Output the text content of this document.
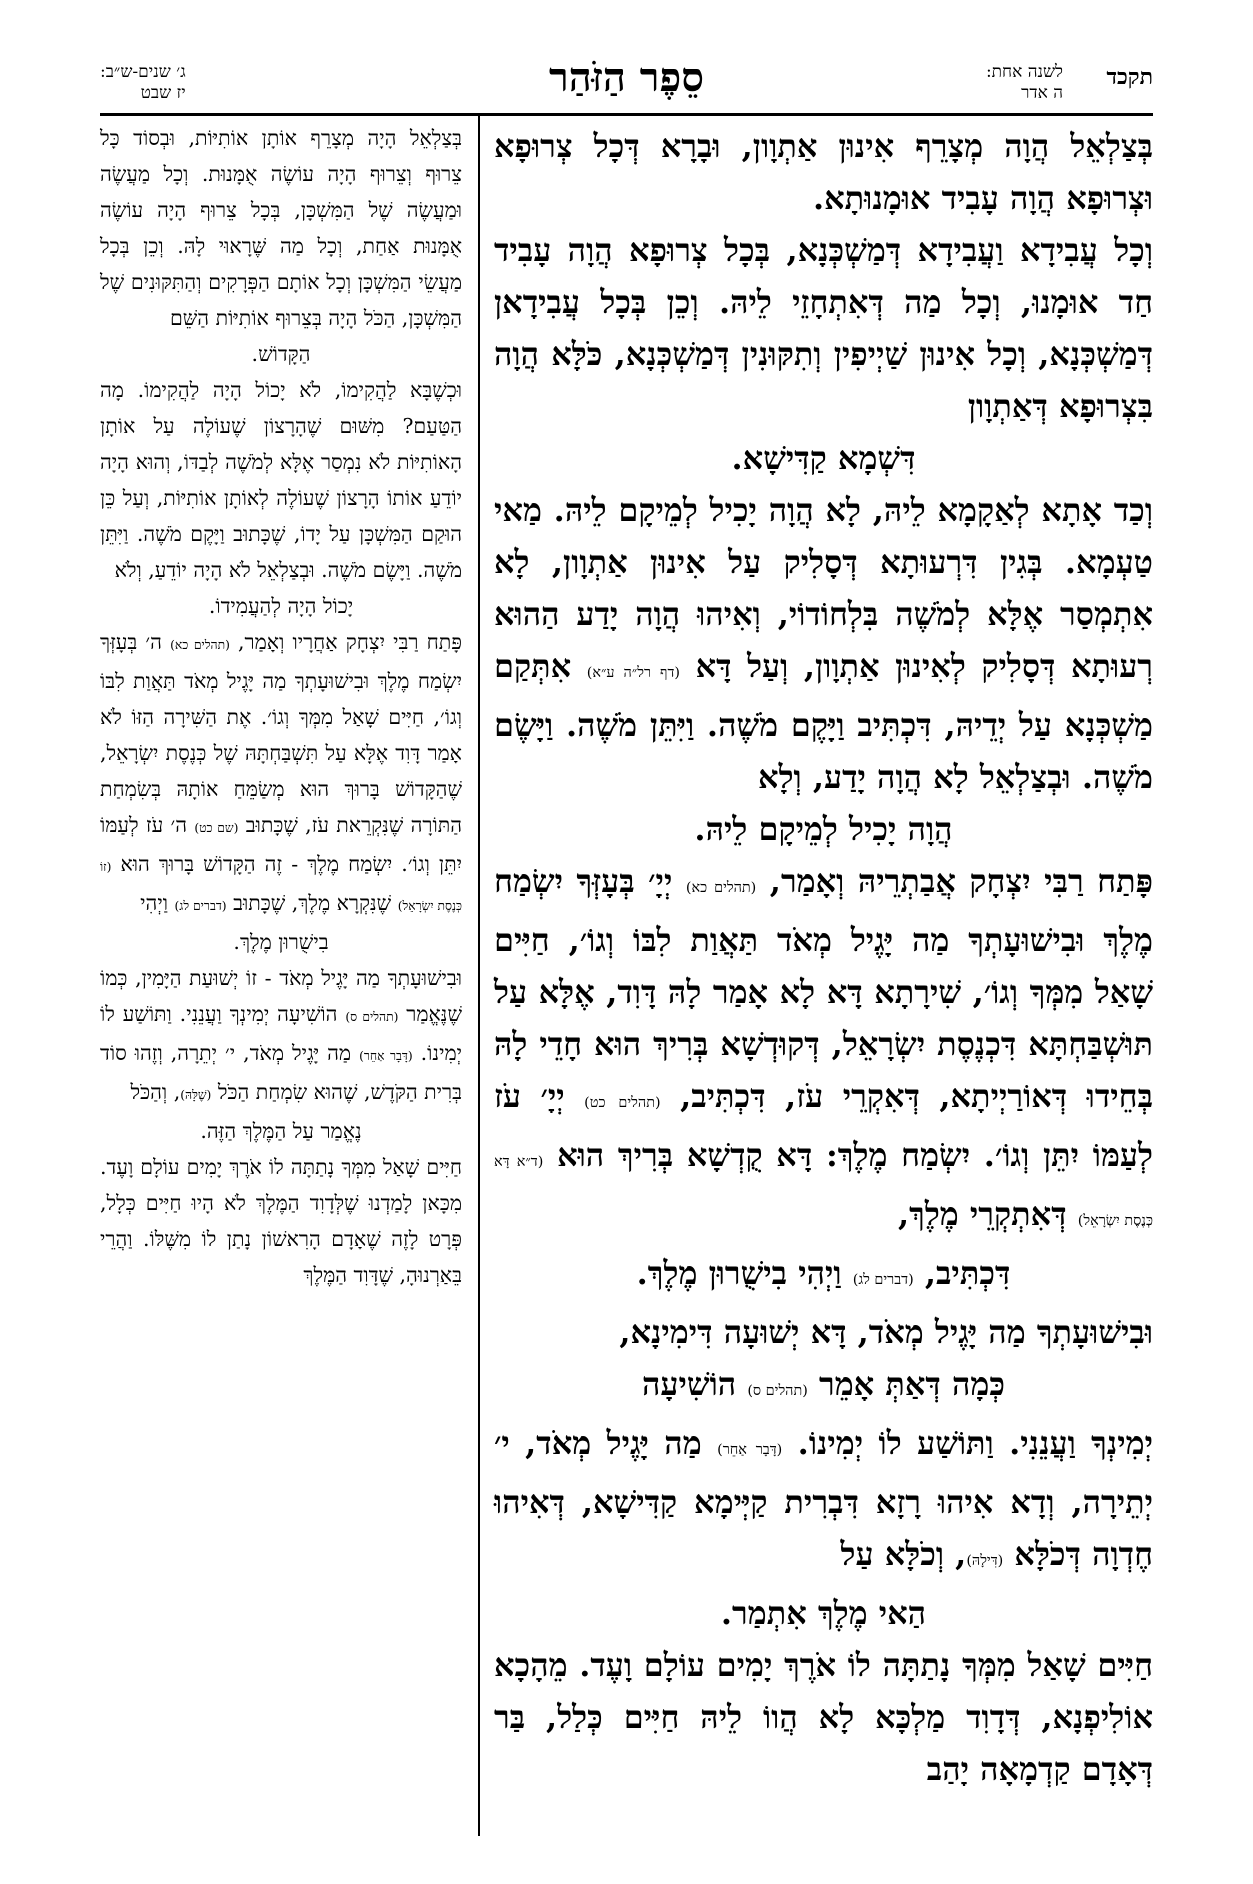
תקכד
לשנה אחת:
ה אדר
סֵפֶר הַזֹּהַר
ג׳ שנים-ש״ב:
יז שבט

בְּצַלְאֵל הֲוָה מְצָרֵף אִינוּן אַתְוָון, וּבָרָא דְּכָל צְרוּפָא וּצְרוּפָא הֲוָה עָבִיד אוּמָנוּתָא.

וְכָל עֲבִידָא וַעֲבִידָא דְּמַשְׁכְּנָא, בְּכָל צְרוּפָא הֲוָה עָבִיד חַד אוּמָנוּ, וְכָל מַה דְּאִתְחָזֵי לֵיהּ. וְכֵן בְּכָל עֲבִידָאן דְּמַשְׁכְּנָא, וְכָל אִינוּן שַׁיְיפִין וְתִקּוּנִין דְּמַשְׁכְּנָא, כֹּלָּא הֲוָה בִּצְרוּפָא דְּאַתְוָון

דִּשְׁמָא קַדִּישָׁא.

וְכַד אָתָא לְאַקָמָא לֵיהּ, לָא הֲוָה יָכִיל לְמֵיקָם לֵיהּ. מַאי טַעְמָא. בְּגִין דִּרְעוּתָא דְּסָלִיק עַל אִינוּן אַתְוָון, לָא אִתְמְסַר אֶלָּא לְמֹשֶׁה בִּלְחוֹדוֹי, וְאִיהוּ הֲוָה יָדַע הַהוּא רְעוּתָא דְּסָלִיק לְאִינוּן אַתְוָון, וְעַל דָּא (דף רל״ה ע״א) אִתְּקַם מַשְׁכְּנָא עַל יְדֵיהּ, דִּכְתִּיב וַיָּקֶם מֹשֶׁה. וַיִּתֵּן מֹשֶׁה. וַיָּשֶׂם מֹשֶׁה. וּבְצַלְאֵל לָא הֲוָה יָדַע, וְלָא

הֲוָה יָכִיל לְמֵיקָם לֵיהּ.

פָּתַח רַבִּי יִצְחָק אֲבַתְרֵיהּ וְאָמַר, (תהלים כא) יְיָ׳ בְּעָזְּךָ יִשְׂמַח מֶלֶךְ וּבִישׁוּעָתְךָ מַה יָּגֶיל מְאֹד תַּאֲוַת לִבּוֹ וְגוֹ׳, חַיִּים שָׁאַל מִמְּךָ וְגוֹ׳, שִׁירָתָא דָּא לָא אָמַר לָהּ דָּוִד, אֶלָּא עַל תּוּשְׁבַּחְתָּא דִּכְנֶסֶת יִשְׂרָאֵל, דְּקוּדְשָׁא בְּרִיךְ הוּא חָדֵי לָהּ בְּחֵידוּ דְּאוֹרַיְיתָא, דְּאִקְרֵי עֹז, דִּכְתִּיב, (תהלים כט) יְיָ׳ עֹז לְעַמּוֹ יִתֵּן וְגוֹ׳. יִשְׂמַח מֶלֶךְ: דָּא קֻדְשָׁא בְּרִיךְ הוּא (ד״א דָּא כְּנֶסֶת יִשְׂרָאֵל) דְּאִתְקְרֵי מֶלֶךְ,

דִּכְתִּיב, (דברים לג) וַיְהִי בִישֻׁרוּן מֶלֶךְ.

וּבִישׁוּעָתְךָ מַה יָּגֶיל מְאֹד, דָּא יְשׁוּעָה דִּימִינָא,

כְּמָה דְּאַתְּ אָמֵר (תהלים ס) הוֹשִׁיעָה

יְמִינְךָ וַעֲנֵנִי. וַתּוֹשַׁע לוֹ יְמִינוֹ. (דָּבָר אַחֵר) מַה יָּגֶיל מְאֹד, י׳ יְתֵירָה, וְדָא אִיהוּ רָזָא דִּבְרִית קַיְּימָא קַדִּישָׁא, דְּאִיהוּ חֶדְוָה דְּכֹלָּא (דִּילָהּ), וְכֹלָּא עַל

הַאי מֶלֶךְ אִתְמַר.

חַיִּים שָׁאַל מִמְּךָ נָתַתָּה לוֹ אֹרֶךְ יָמִים עוֹלָם וָעֶד. מֵהָכָא אוֹלִיפְנָא, דְּדָוִד מַלְכָּא לָא הֲווֹ לֵיהּ חַיִּים כְּלַל, בַּר דְּאָדָם קַדְמָאָה יָהַב

בְּצַלְאֵל הָיָה מְצָרֵף אוֹתָן אוֹתִיּוֹת, וּבְסוֹד כָּל צֵרוּף וְצֵרוּף הָיָה עוֹשֶׂה אֻמָּנוּת. וְכָל מַעֲשֶׂה וּמַעֲשֶׂה שֶׁל הַמִּשְׁכָּן, בְּכָל צֵרוּף הָיָה עוֹשֶׂה אֻמָּנוּת אַחַת, וְכָל מַה שֶּׁרָאוּי לָהּ. וְכֵן בְּכָל מַעֲשֵׂי הַמִּשְׁכָּן וְכָל אוֹתָם הַפְּרָקִים וְהַתִּקּוּנִים שֶׁל הַמִּשְׁכָּן, הַכֹּל הָיָה בְּצֵרוּף אוֹתִיּוֹת הַשֵּׁם

הַקָּדוֹשׁ.

וּכְשֶׁבָּא לַהֲקִימוֹ, לֹא יָכוֹל הָיָה לַהֲקִימוֹ. מָה הַטַּעַם? מִשּׁוּם שֶׁהָרָצוֹן שֶׁעוֹלֶה עַל אוֹתָן הָאוֹתִיּוֹת לֹא נִמְסַר אֶלָּא לְמֹשֶׁה לְבַדּוֹ, וְהוּא הָיָה יוֹדֵעַ אוֹתוֹ הָרָצוֹן שֶׁעוֹלֶה לְאוֹתָן אוֹתִיּוֹת, וְעַל כֵּן הוּקַם הַמִּשְׁכָּן עַל יָדוֹ, שֶׁכָּתוּב וַיָּקֶם מֹשֶׁה. וַיִּתֵּן מֹשֶׁה. וַיָּשֶׂם מֹשֶׁה. וּבְצַלְאֵל לֹא הָיָה יוֹדֵעַ, וְלֹא

יָכוֹל הָיָה לְהַעֲמִידוֹ.

פָּתַח רַבִּי יִצְחָק אַחֲרָיו וְאָמַר, (תהלים כא) ה׳ בְּעָזְּךָ יִשְׂמַח מֶלֶךְ וּבִישׁוּעָתְךָ מַה יָּגֶיל מְאֹד תַּאֲוַת לִבּוֹ וְגוֹ׳, חַיִּים שָׁאַל מִמְּךָ וְגוֹ׳. אֶת הַשִּׁירָה הַזּוֹ לֹא אָמַר דָּוִד אֶלָּא עַל תִּשְׁבַּחְתָּהּ שֶׁל כְּנֶסֶת יִשְׂרָאֵל, שֶׁהַקָּדוֹשׁ בָּרוּךְ הוּא מְשַׂמֵּחַ אוֹתָהּ בְּשִׂמְחַת הַתּוֹרָה שֶׁנִּקְרֵאת עֹז, שֶׁכָּתוּב (שם כט) ה׳ עֹז לְעַמּוֹ יִתֵּן וְגוֹ׳. יִשְׂמַח מֶלֶךְ - זֶה הַקָּדוֹשׁ בָּרוּךְ הוּא (זוֹ כְּנֶסֶת יִשְׂרָאֵל) שֶׁנִּקְרָא מֶלֶךְ, שֶׁכָּתוּב (דברים לג) וַיְהִי

בִישֻׁרוּן מֶלֶךְ.

וּבִישׁוּעָתְךָ מַה יָּגֶיל מְאֹד - זוֹ יְשׁוּעַת הַיָּמִין, כְּמוֹ שֶׁנֶּאֱמַר (תהלים ס) הוֹשִׁיעָה יְמִינְךָ וַעֲנֵנִי. וַתּוֹשַׁע לוֹ יְמִינוֹ. (דָּבָר אַחֵר) מַה יָּגֶיל מְאֹד, י׳ יְתֵרָה, וְזֶהוּ סוֹד בְּרִית הַקֹּדֶשׁ, שֶׁהוּא שִׂמְחַת הַכֹּל (שֶׁלָּהּ), וְהַכֹּל

נֶאֱמַר עַל הַמֶּלֶךְ הַזֶּה.

חַיִּים שָׁאַל מִמְּךָ נָתַתָּה לוֹ אֹרֶךְ יָמִים עוֹלָם וָעֶד. מִכָּאן לָמַדְנוּ שֶׁלְּדָוִד הַמֶּלֶךְ לֹא הָיוּ חַיִּים כְּלָל, פְּרָט לָזֶה שֶׁאָדָם הָרִאשׁוֹן נָתַן לוֹ מִשֶּׁלּוֹ. וַהֲרֵי בֵּאַרְנוּהָ, שֶׁדָּוִד הַמֶּלֶךְ
